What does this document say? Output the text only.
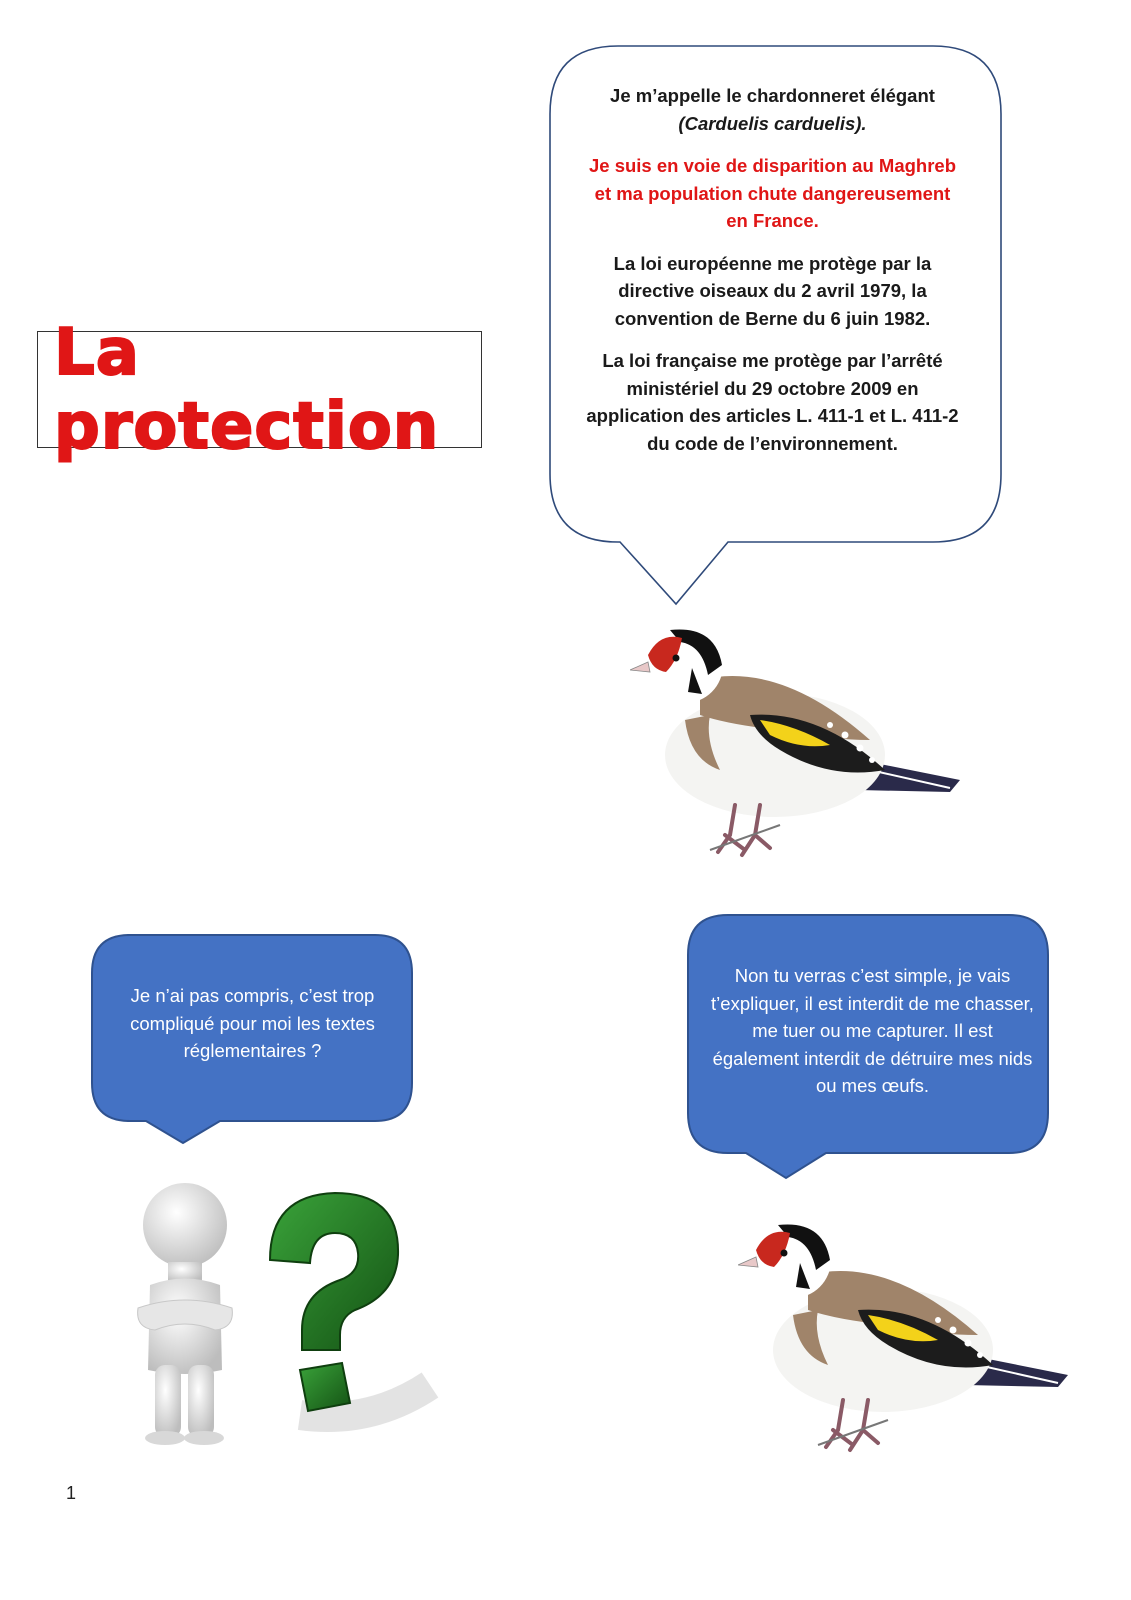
La protection

Je m’appelle le chardonneret élégant
(Carduelis carduelis).

Je suis en voie de disparition au Maghreb et ma population chute dangereusement en France.

La loi européenne me protège par la directive oiseaux du 2 avril 1979, la convention de Berne du 6 juin 1982.

La loi française me protège par l’arrêté ministériel du 29 octobre 2009 en application des articles L. 411-1 et L. 411-2 du code de l’environnement.

Je n’ai pas compris, c’est trop compliqué pour moi les textes réglementaires ?
Non tu verras c’est simple, je vais t’expliquer, il est interdit de me chasser, me tuer ou me capturer. Il est également interdit de détruire mes nids ou mes œufs.
1
